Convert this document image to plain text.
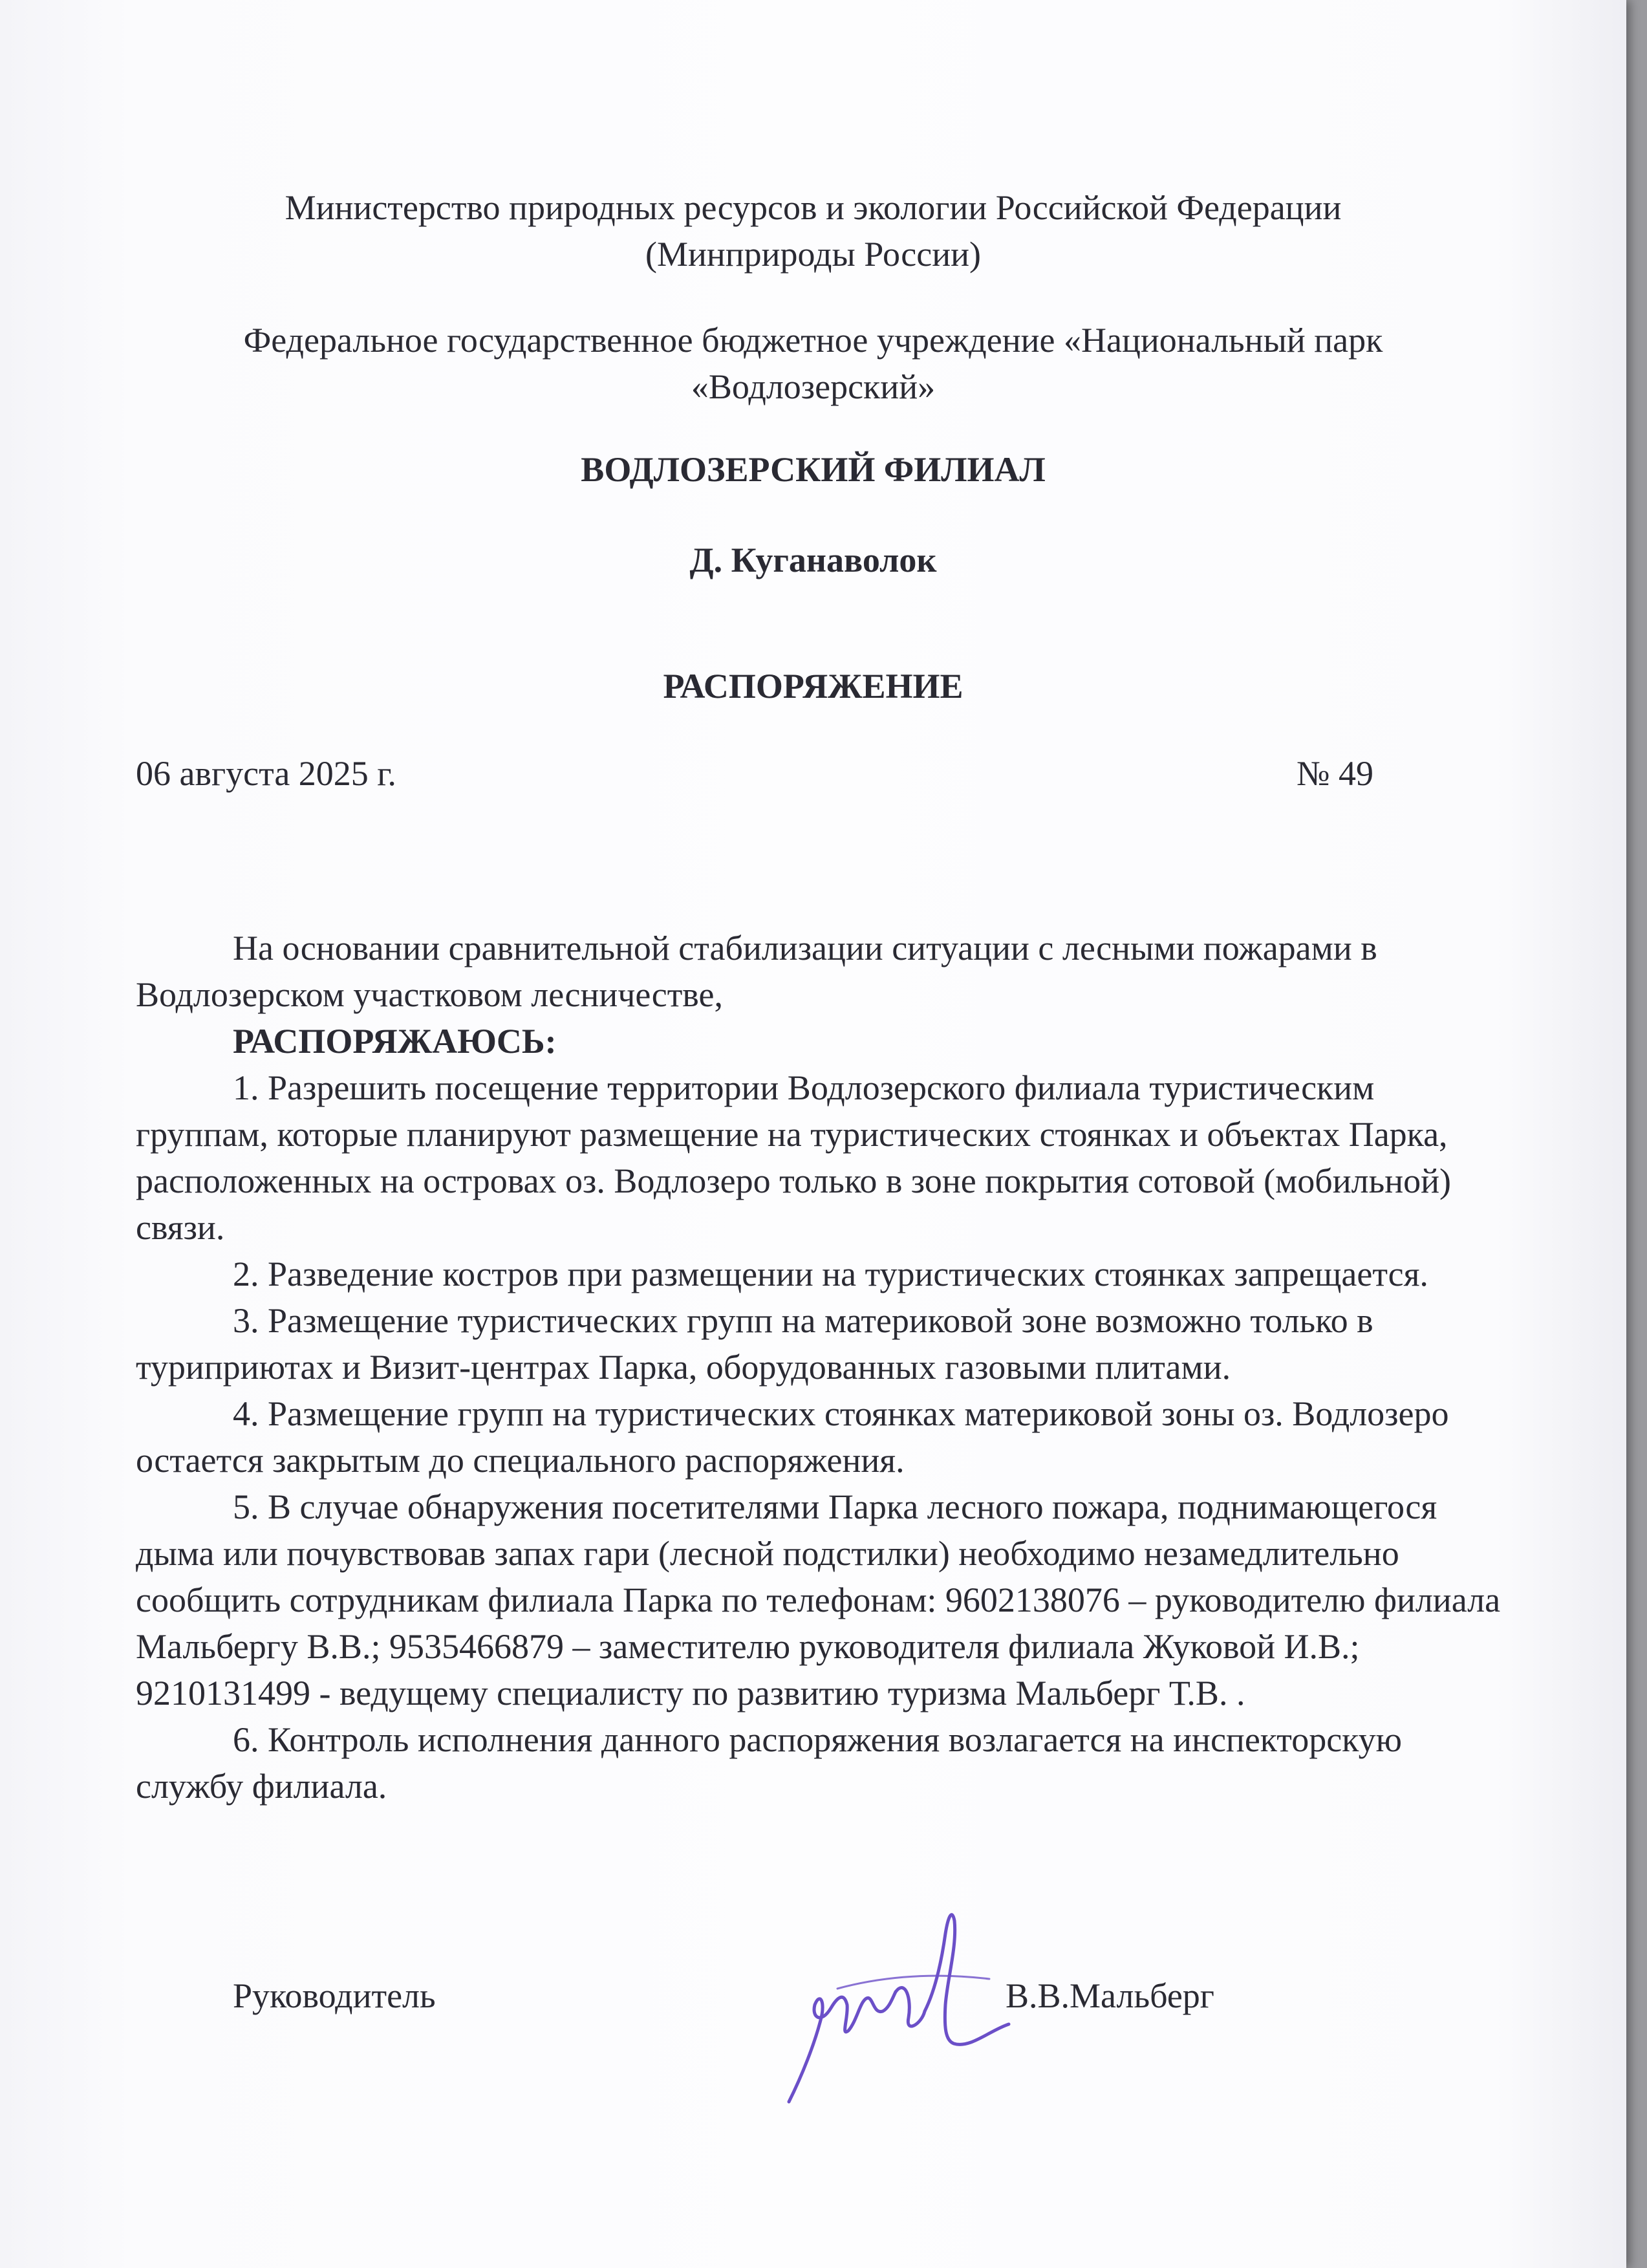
Министерство природных ресурсов и экологии Российской Федерации
(Минприроды России)
Федеральное государственное бюджетное учреждение «Национальный парк
«Водлозерский»
ВОДЛОЗЕРСКИЙ ФИЛИАЛ
Д. Куганаволок
РАСПОРЯЖЕНИЕ
06 августа 2025 г.	№ 49

На основании сравнительной стабилизации ситуации с лесными пожарами в Водлозерском участковом лесничестве,

РАСПОРЯЖАЮСЬ:

1. Разрешить посещение территории Водлозерского филиала туристическим группам, которые планируют размещение на туристических стоянках и объектах Парка, расположенных на островах оз. Водлозеро только в зоне покрытия сотовой (мобильной) связи.

2. Разведение костров при размещении на туристических стоянках запрещается.

3. Размещение туристических групп на материковой зоне возможно только в туриприютах и Визит-центрах Парка, оборудованных газовыми плитами.

4. Размещение групп на туристических стоянках материковой зоны оз. Водлозеро остается закрытым до специального распоряжения.

5. В случае обнаружения посетителями Парка лесного пожара, поднимающегося дыма или почувствовав запах гари (лесной подстилки) необходимо незамедлительно сообщить сотрудникам филиала Парка по телефонам: 9602138076 – руководителю филиала Мальбергу В.В.; 9535466879 – заместителю руководителя филиала Жуковой И.В.; 9210131499 - ведущему специалисту по развитию туризма Мальберг Т.В. .

6. Контроль исполнения данного распоряжения возлагается на инспекторскую службу филиала.

Руководитель	В.В.Мальберг
